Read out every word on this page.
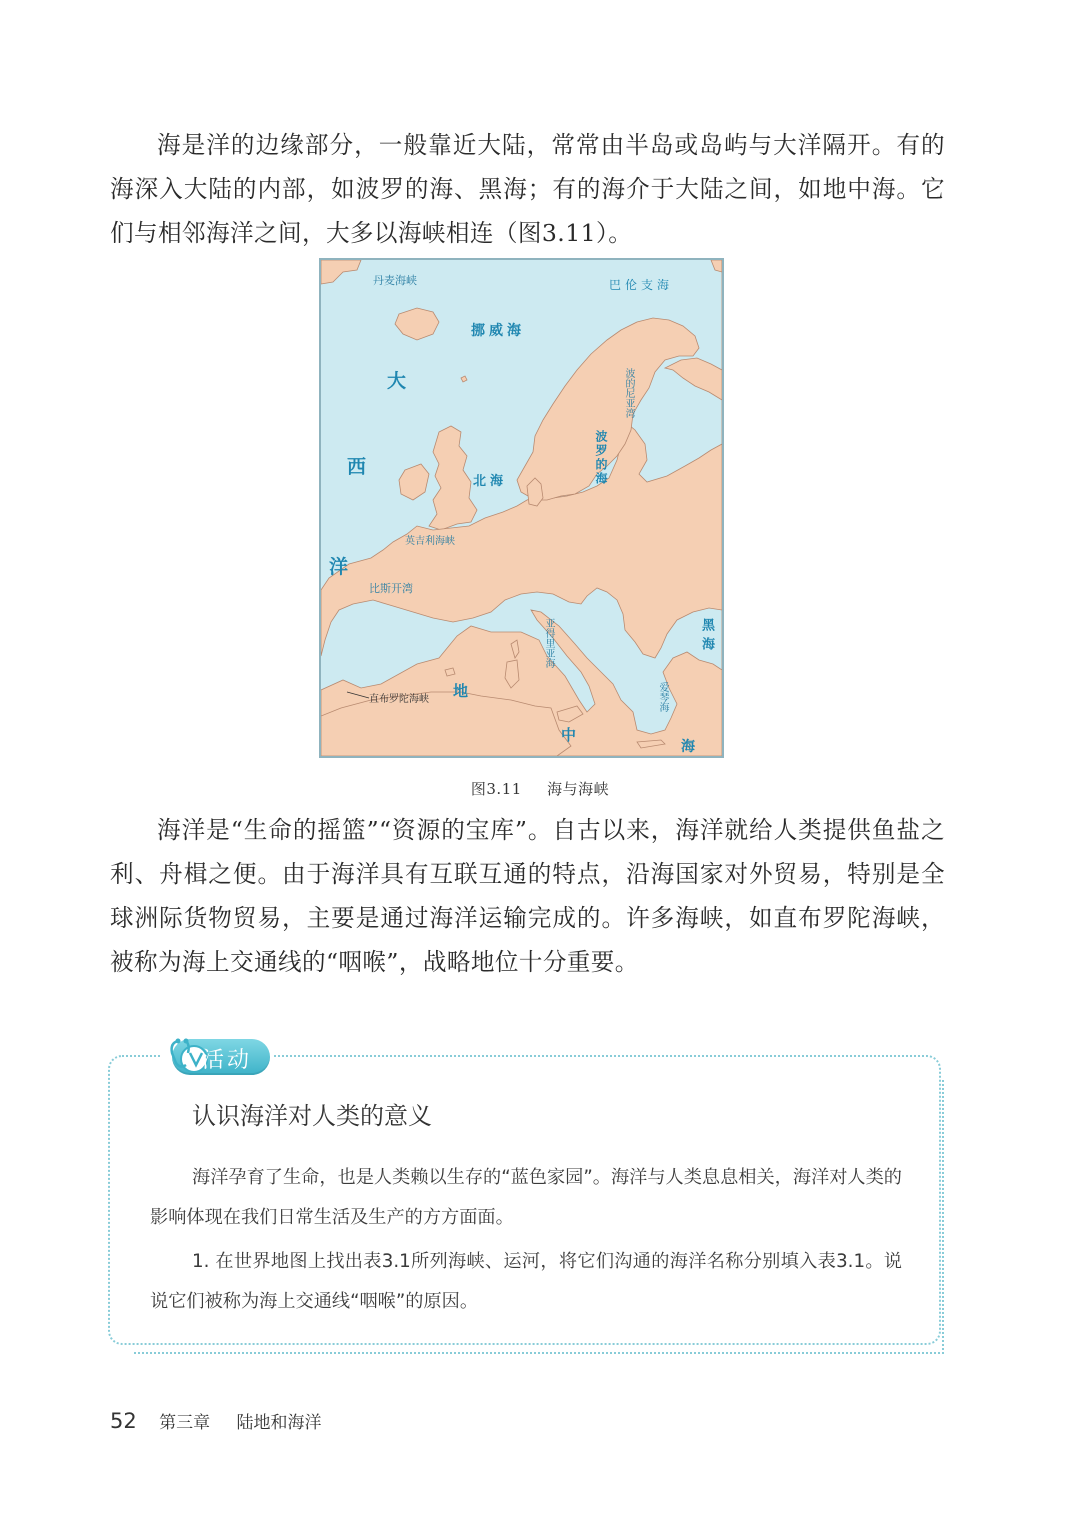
海是洋的边缘部分，一般靠近大陆，常常由半岛或岛屿与大洋隔开。有的海深入大陆的内部，如波罗的海、黑海；有的海介于大陆之间，如地中海。它们与相邻海洋之间，大多以海峡相连（图3.11）。

丹麦海峡	巴伦支海
挪威海
大
西
洋
北海	波罗的海
波的尼亚湾
英吉利海峡
比斯开湾
亚得里亚海	黑海
爱琴海
直布罗陀海峡 地
中
海
图3.11 海与海峡

海洋是“生命的摇篮”“资源的宝库”。自古以来，海洋就给人类提供鱼盐之利、舟楫之便。由于海洋具有互联互通的特点，沿海国家对外贸易，特别是全球洲际货物贸易，主要是通过海洋运输完成的。许多海峡，如直布罗陀海峡，被称为海上交通线的“咽喉”，战略地位十分重要。

活动
认识海洋对人类的意义

海洋孕育了生命，也是人类赖以生存的“蓝色家园”。海洋与人类息息相关，海洋对人类的影响体现在我们日常生活及生产的方方面面。

1. 在世界地图上找出表3.1所列海峡、运河，将它们沟通的海洋名称分别填入表3.1。说说它们被称为海上交通线“咽喉”的原因。

52 第三章 陆地和海洋
